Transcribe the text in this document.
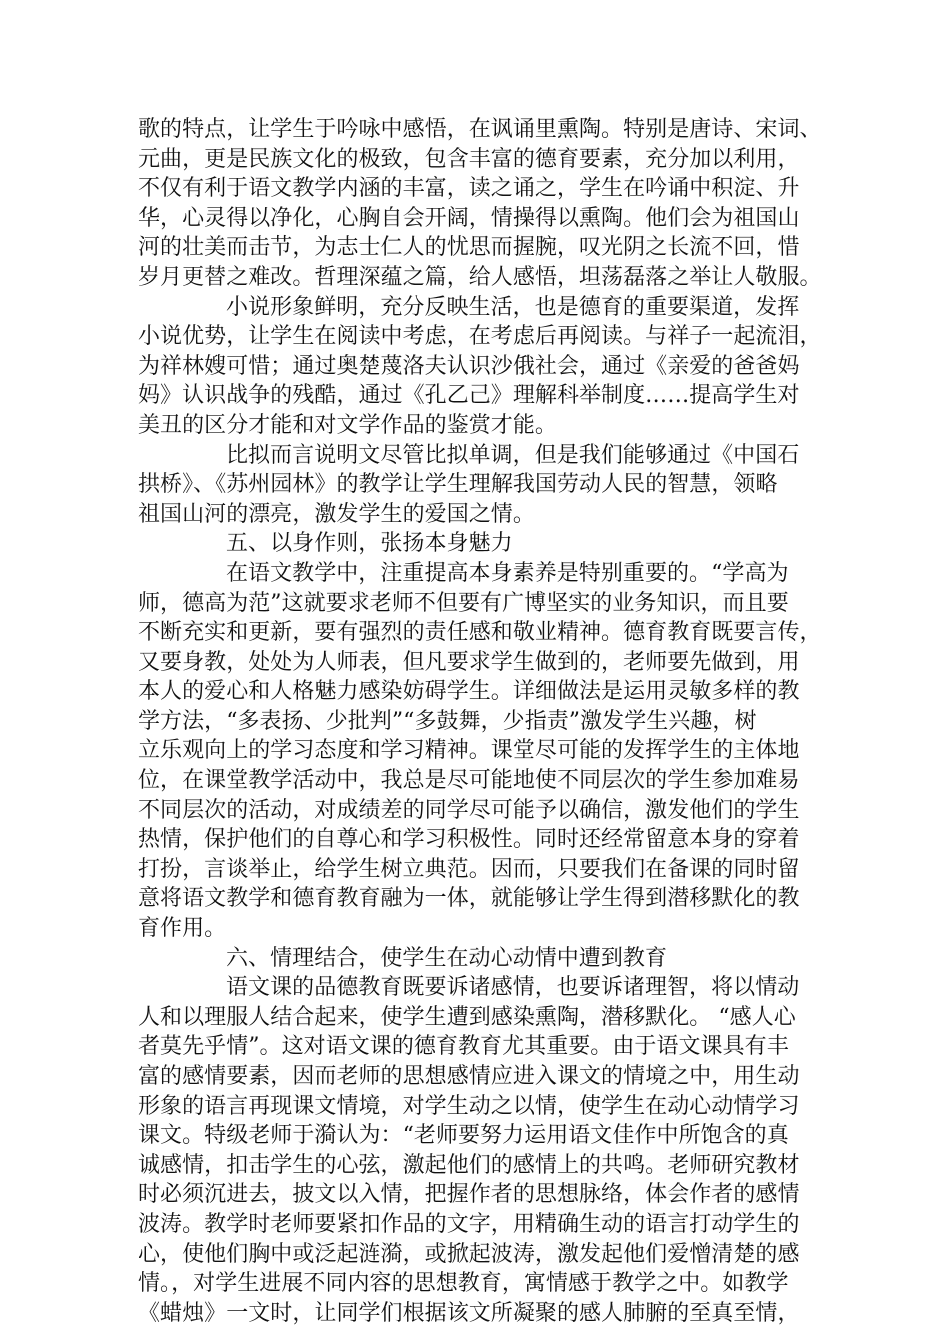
歌的特点，让学生于吟咏中感悟，在讽诵里熏陶。特别是唐诗、宋词、
元曲，更是民族文化的极致，包含丰富的德育要素，充分加以利用，
不仅有利于语文教学内涵的丰富，读之诵之，学生在吟诵中积淀、升
华，心灵得以净化，心胸自会开阔，情操得以熏陶。他们会为祖国山
河的壮美而击节，为志士仁人的忧思而握腕，叹光阴之长流不回，惜
岁月更替之难改。哲理深蕴之篇，给人感悟，坦荡磊落之举让人敬服。
小说形象鲜明，充分反映生活，也是德育的重要渠道，发挥
小说优势，让学生在阅读中考虑，在考虑后再阅读。与祥子一起流泪，
为祥林嫂可惜；通过奥楚蔑洛夫认识沙俄社会，通过《亲爱的爸爸妈
妈》认识战争的残酷，通过《孔乙己》理解科举制度……提高学生对
美丑的区分才能和对文学作品的鉴赏才能。
比拟而言说明文尽管比拟单调，但是我们能够通过《中国石
拱桥》、《苏州园林》的教学让学生理解我国劳动人民的智慧，领略
祖国山河的漂亮，激发学生的爱国之情。
五、以身作则，张扬本身魅力
在语文教学中，注重提高本身素养是特别重要的。“学高为
师，德高为范”这就要求老师不但要有广博坚实的业务知识，而且要
不断充实和更新，要有强烈的责任感和敬业精神。德育教育既要言传，
又要身教，处处为人师表，但凡要求学生做到的，老师要先做到，用
本人的爱心和人格魅力感染妨碍学生。详细做法是运用灵敏多样的教
学方法，“多表扬、少批判”“多鼓舞，少指责”激发学生兴趣，树
立乐观向上的学习态度和学习精神。课堂尽可能的发挥学生的主体地
位，在课堂教学活动中，我总是尽可能地使不同层次的学生参加难易
不同层次的活动，对成绩差的同学尽可能予以确信，激发他们的学生
热情，保护他们的自尊心和学习积极性。同时还经常留意本身的穿着
打扮，言谈举止，给学生树立典范。因而，只要我们在备课的同时留
意将语文教学和德育教育融为一体，就能够让学生得到潜移默化的教
育作用。
六、情理结合，使学生在动心动情中遭到教育
语文课的品德教育既要诉诸感情，也要诉诸理智，将以情动
人和以理服人结合起来，使学生遭到感染熏陶，潜移默化。 “感人心
者莫先乎情”。这对语文课的德育教育尤其重要。由于语文课具有丰
富的感情要素，因而老师的思想感情应进入课文的情境之中，用生动
形象的语言再现课文情境，对学生动之以情，使学生在动心动情学习
课文。特级老师于漪认为：“老师要努力运用语文佳作中所饱含的真
诚感情，扣击学生的心弦，激起他们的感情上的共鸣。老师研究教材
时必须沉进去，披文以入情，把握作者的思想脉络，体会作者的感情
波涛。教学时老师要紧扣作品的文字，用精确生动的语言打动学生的
心，使他们胸中或泛起涟漪，或掀起波涛，激发起他们爱憎清楚的感
情。，对学生进展不同内容的思想教育，寓情感于教学之中。如教学
《蜡烛》一文时，让同学们根据该文所凝聚的感人肺腑的至真至情，
